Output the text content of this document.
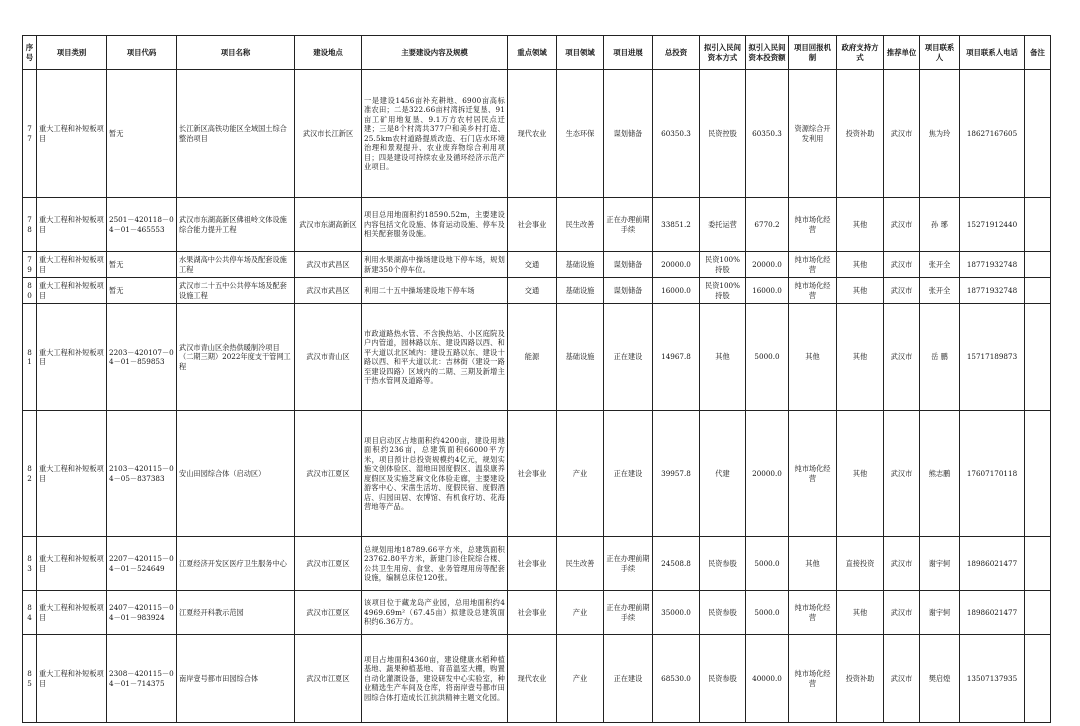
序号	项目类别	项目代码	项目名称	建设地点	主要建设内容及规模	重点领域	项目领域	项目进展	总投资	拟引入民间资本方式	拟引入民间资本投资额	项目回报机制	政府支持方式	推荐单位	项目联系人	项目联系人电话	备注
77	重大工程和补短板项目	暂无	长江新区高铁功能区全域国土综合整治项目	武汉市长江新区	一是建设1456亩补充耕地、6900亩高标准农田；二是322.66亩村湾拆迁复垦、91亩工矿用地复垦、9.1万方农村居民点迁建；三是8个村湾共377户和美乡村打造、25.5km农村道路提质改造、石门店水环境治理和景观提升、农业废弃物综合利用项目；四是建设可持续农业及循环经济示范产业项目。	现代农业	生态环保	谋划储备	60350.3	民资控股	60350.3	资源综合开发利用	投资补助	武汉市	焦为玲	18627167605	
78	重大工程和补短板项目	2501－420118－04－01－465553	武汉市东湖高新区佛祖岭文体设施综合能力提升工程	武汉市东湖高新区	项目总用地面积约18590.52m，主要建设内容包括文化设施、体育运动设施、停车及相关配套服务设施。	社会事业	民生改善	正在办理前期手续	33851.2	委托运营	6770.2	纯市场化经营	其他	武汉市	孙 琊	15271912440	
79	重大工程和补短板项目	暂无	水果湖高中公共停车场及配套设施工程	武汉市武昌区	利用水果湖高中操场建设地下停车场，规划新建350个停车位。	交通	基础设施	谋划储备	20000.0	民资100%持股	20000.0	纯市场化经营	其他	武汉市	张开全	18771932748	
80	重大工程和补短板项目	暂无	武汉市二十五中公共停车场及配套设施工程	武汉市武昌区	利用二十五中操场建设地下停车场	交通	基础设施	谋划储备	16000.0	民资100%持股	16000.0	纯市场化经营	其他	武汉市	张开全	18771932748	
81	重大工程和补短板项目	2203－420107－04－01－859853	武汉市青山区余热供暖制冷项目（二期三期）2022年度支干管网工程	武汉市青山区	市政道路热水管、不含换热站、小区庭院及户内管道，园林路以东、建设四路以西、和平大道以北区域内：建设五路以东、建设十路以西、和平大道以北：吉林街（建设一路至建设四路）区域内的二期、三期及新增主干热水管网及道路等。	能源	基础设施	正在建设	14967.8	其他	5000.0	其他	其他	武汉市	岳 鹏	15717189873	
82	重大工程和补短板项目	2103－420115－04－05－837383	安山田园综合体（启动区）	武汉市江夏区	项目启动区占地面积约4200亩，建设用地面积约236亩，总建筑面积66000平方米，项目预计总投资规模约4亿元，规划实施文创体验区、湿地田园度假区、温泉康养度假区及实施芝麻文化体验走廊，主要建设游客中心、宋凿生活坊、度假民宿、度假酒店、归园田居、农博馆、有机食疗坊、花海营地等产品。	社会事业	产业	正在建设	39957.8	代建	20000.0	纯市场化经营	其他	武汉市	熊志鹏	17607170118	
83	重大工程和补短板项目	2207－420115－04－01－524649	江夏经济开发区医疗卫生服务中心	武汉市江夏区	总规划用地18789.66平方米，总建筑面积23762.80平方米，新建门诊住院综合楼、公共卫生用房、食堂、业务管理用房等配套设施，编制总床位120张。	社会事业	民生改善	正在办理前期手续	24508.8	民资参股	5000.0	其他	直接投资	武汉市	谢宇轲	18986021477	
84	重大工程和补短板项目	2407－420115－04－01－983924	江夏经开科教示范园	武汉市江夏区	该项目位于藏龙岛产业园，总用地面积约44969.69m²（67.45亩）拟建设总建筑面积约6.36万方。	社会事业	产业	正在办理前期手续	35000.0	民资参股	5000.0	纯市场化经营	其他	武汉市	谢宇轲	18986021477	
85	重大工程和补短板项目	2308－420115－04－01－714375	南岸壹号都市田园综合体	武汉市江夏区	项目占地面积4360亩，建设健康水稻种植基地、蔬果种植基地、育苗温室大棚，购置自动化灌溉设备，建设研发中心实验室，种业精选生产车间及仓库，将南岸壹号都市田园综合体打造成长江抗洪精神主题文化园。	现代农业	产业	正在建设	68530.0	民资参股	40000.0	纯市场化经营	投资补助	武汉市	樊启煌	13507137935	
